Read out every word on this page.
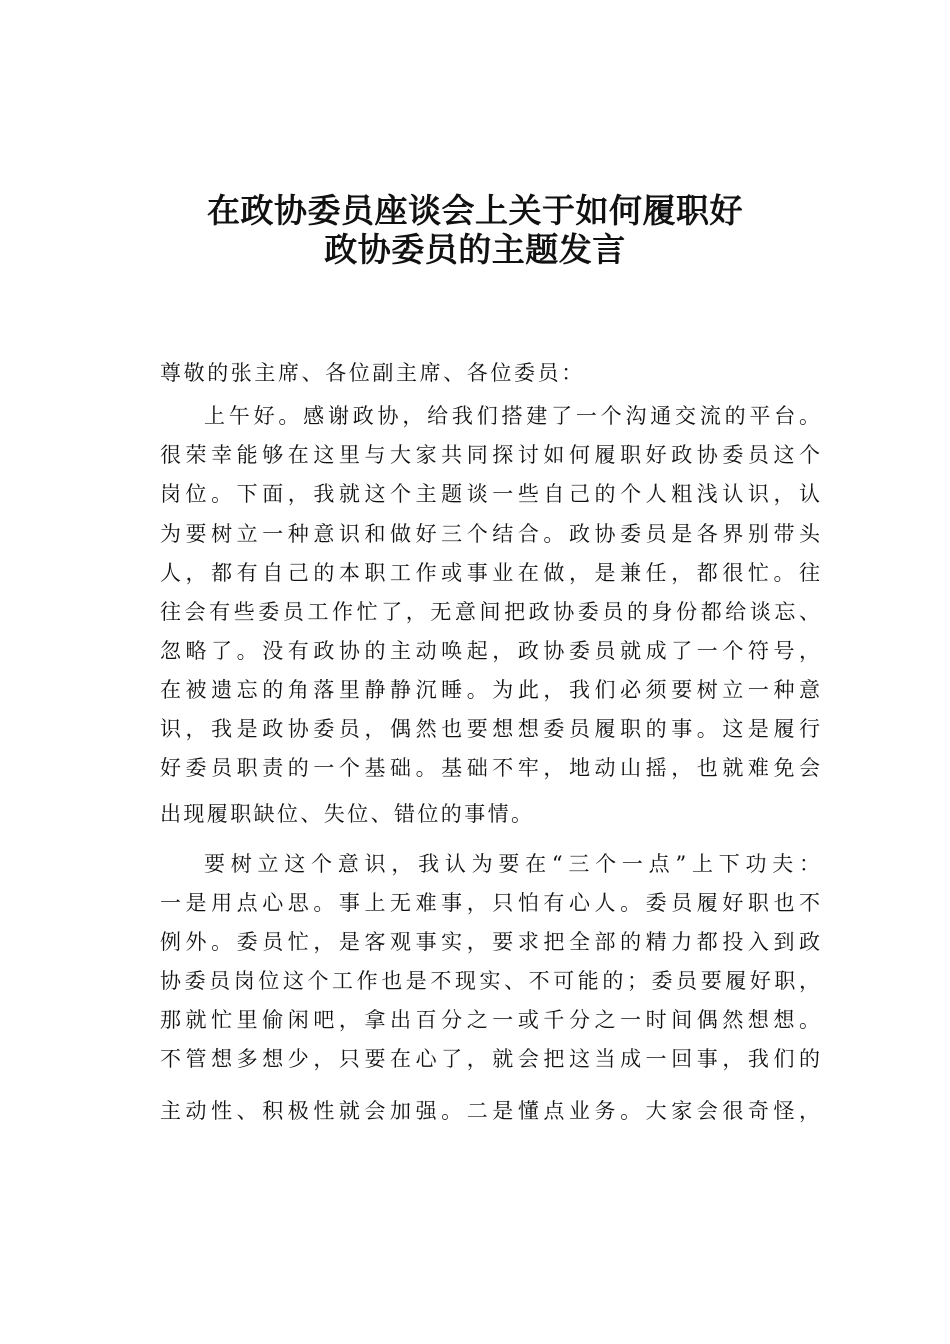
在政协委员座谈会上关于如何履职好
政协委员的主题发言
尊敬的张主席、各位副主席、各位委员：
上午好。感谢政协，给我们搭建了一个沟通交流的平台。
很荣幸能够在这里与大家共同探讨如何履职好政协委员这个
岗位。下面，我就这个主题谈一些自己的个人粗浅认识，认
为要树立一种意识和做好三个结合。政协委员是各界别带头
人，都有自己的本职工作或事业在做，是兼任，都很忙。往
往会有些委员工作忙了，无意间把政协委员的身份都给谈忘、
忽略了。没有政协的主动唤起，政协委员就成了一个符号，
在被遗忘的角落里静静沉睡。为此，我们必须要树立一种意
识，我是政协委员，偶然也要想想委员履职的事。这是履行
好委员职责的一个基础。基础不牢，地动山摇，也就难免会
出现履职缺位、失位、错位的事情。
要树立这个意识，我认为要在“三个一点”上下功夫：
一是用点心思。事上无难事，只怕有心人。委员履好职也不
例外。委员忙，是客观事实，要求把全部的精力都投入到政
协委员岗位这个工作也是不现实、不可能的；委员要履好职，
那就忙里偷闲吧，拿出百分之一或千分之一时间偶然想想。
不管想多想少，只要在心了，就会把这当成一回事，我们的
主动性、积极性就会加强。二是懂点业务。大家会很奇怪，
